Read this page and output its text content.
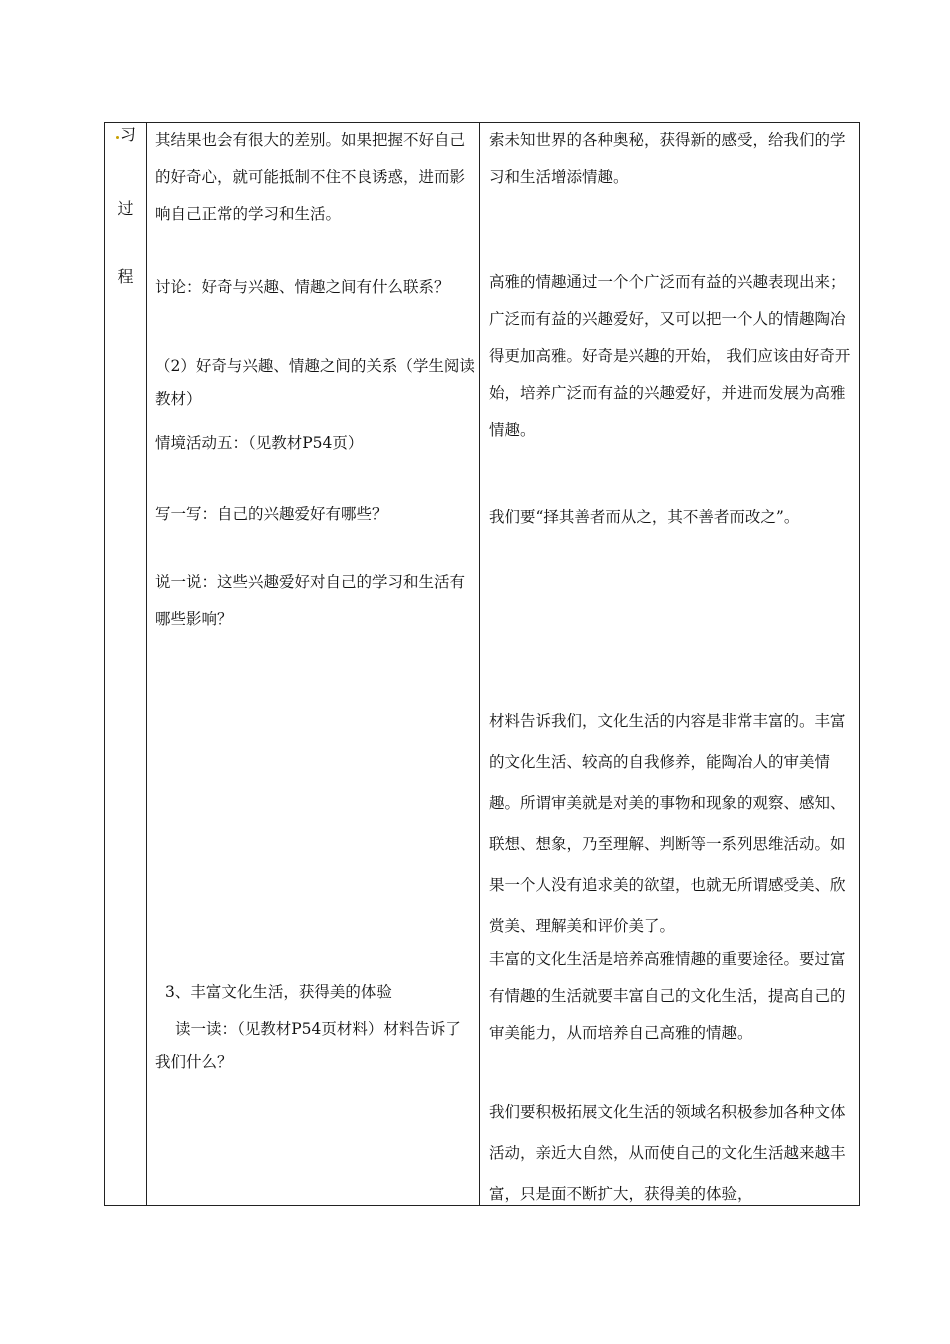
习
过
程
其结果也会有很大的差别。如果把握不好自己的好奇心，就可能抵制不住不良诱惑，进而影响自己正常的学习和生活。
讨论：好奇与兴趣、情趣之间有什么联系？
（2）好奇与兴趣、情趣之间的关系（学生阅读教材）
情境活动五：（见教材P54页）
写一写：自己的兴趣爱好有哪些？
说一说：这些兴趣爱好对自己的学习和生活有哪些影响？
3、丰富文化生活，获得美的体验
读一读：（见教材P54页材料）材料告诉了我们什么？
索未知世界的各种奥秘，获得新的感受，给我们的学习和生活增添情趣。
高雅的情趣通过一个个广泛而有益的兴趣表现出来；广泛而有益的兴趣爱好，又可以把一个人的情趣陶冶得更加高雅。好奇是兴趣的开始， 我们应该由好奇开始，培养广泛而有益的兴趣爱好，并进而发展为高雅情趣。
我们要“择其善者而从之，其不善者而改之”。
材料告诉我们，文化生活的内容是非常丰富的。丰富的文化生活、较高的自我修养，能陶冶人的审美情趣。所谓审美就是对美的事物和现象的观察、感知、联想、想象，乃至理解、判断等一系列思维活动。如果一个人没有追求美的欲望，也就无所谓感受美、欣赏美、理解美和评价美了。
丰富的文化生活是培养高雅情趣的重要途径。要过富有情趣的生活就要丰富自己的文化生活，提高自己的审美能力，从而培养自己高雅的情趣。
我们要积极拓展文化生活的领域名积极参加各种文体活动，亲近大自然，从而使自己的文化生活越来越丰富，只是面不断扩大，获得美的体验，
